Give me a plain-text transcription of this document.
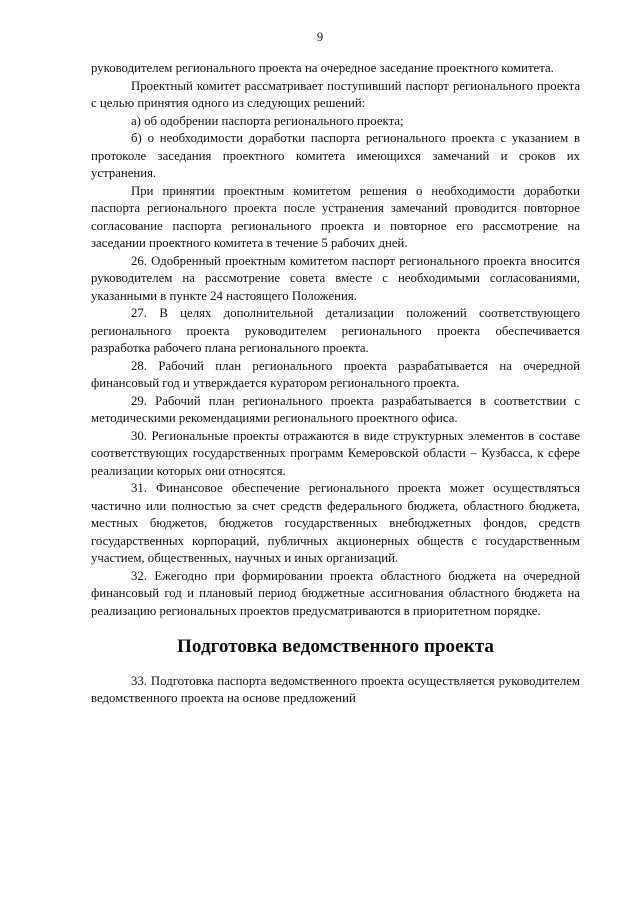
9

руководителем регионального проекта на очередное заседание проектного комитета.

Проектный комитет рассматривает поступивший паспорт регионального проекта с целью принятия одного из следующих решений:

а) об одобрении паспорта регионального проекта;

б) о необходимости доработки паспорта регионального проекта с указанием в протоколе заседания проектного комитета имеющихся замечаний и сроков их устранения.

При принятии проектным комитетом решения о необходимости доработки паспорта регионального проекта после устранения замечаний проводится повторное согласование паспорта регионального проекта и повторное его рассмотрение на заседании проектного комитета в течение 5 рабочих дней.

26. Одобренный проектным комитетом паспорт регионального проекта вносится руководителем на рассмотрение совета вместе с необходимыми согласованиями, указанными в пункте 24 настоящего Положения.

27. В целях дополнительной детализации положений соответствующего регионального проекта руководителем регионального проекта обеспечивается разработка рабочего плана регионального проекта.

28. Рабочий план регионального проекта разрабатывается на очередной финансовый год и утверждается куратором регионального проекта.

29. Рабочий план регионального проекта разрабатывается в соответствии с методическими рекомендациями регионального проектного офиса.

30. Региональные проекты отражаются в виде структурных элементов в составе соответствующих государственных программ Кемеровской области – Кузбасса, к сфере реализации которых они относятся.

31. Финансовое обеспечение регионального проекта может осуществляться частично или полностью за счет средств федерального бюджета, областного бюджета, местных бюджетов, бюджетов государственных внебюджетных фондов, средств государственных корпораций, публичных акционерных обществ с государственным участием, общественных, научных и иных организаций.

32. Ежегодно при формировании проекта областного бюджета на очередной финансовый год и плановый период бюджетные ассигнования областного бюджета на реализацию региональных проектов предусматриваются в приоритетном порядке.

Подготовка ведомственного проекта

33. Подготовка паспорта ведомственного проекта осуществляется руководителем ведомственного проекта на основе предложений
